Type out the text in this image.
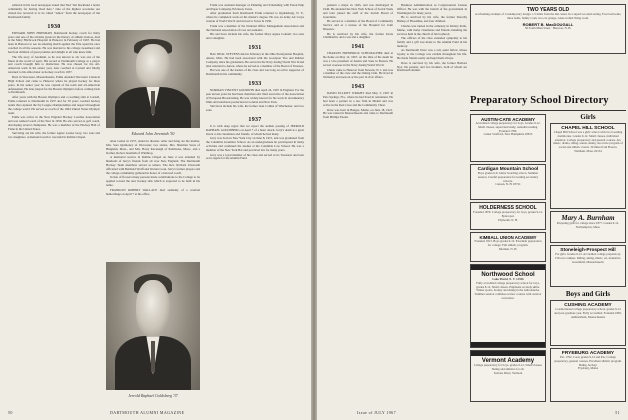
editorial in his local newspaper stated that Ned "left Rockland a better community for having lived here." One of the highest accolades our citizen has received is to be called "Amos" from the newspaper of the Dartmouth family.

1930

EDWARD JOHN JEREMIAH, Dartmouth hockey coach for thirty years and one of the all-time greats in the history of athletic honors, died at the Mary Hitchcock Hospital in Hanover in February of 1967. He had been in Hanover to see an amazing match against the Yale squad he once coached in all the seasons. He was married to his college sweetheart and had four children of great promise and delight to all who knew him.

The life story of Jeremiah, as he was known to all, was one of the finest in the world of sport. His record at Dartmouth College as a player and coach brought him to distinction. He was chosen for the All-American team in his senior year, later coached at Cornell and finally returned to his alma mater as hockey coach in 1937.

Born in Worcester, Massachusetts, Eddie attended Worcester Classical High School and came to Hanover where he played hockey for three years. In his senior year he was captain of the team and all-American defenseman. He later played for the Boston Olympics before coming back to Dartmouth.

After years with the Boston Olympics and a coaching stint at Cornell, Eddie returned to Dartmouth in 1937 and for 30 years coached hockey teams that captured the Ivy League championships and respect throughout the college world. He served as coach of the 1964 United States Olympic team.

Eddie was active in the New England Hockey Coaches Association and was named Coach of the Year in 1959. He also served as golf coach, developing several champions. He was a member of the Hockey Hall of Fame in the United States.

Surviving are his wife, the former Agnes Louise Gray, two sons and two daughters. A memorial service was held in Rollins Chapel.

Edward John Jeremiah '30

ation Center in 1957, ended in disaster. After surviving are his mother, Mrs. Sara Quintoney of Worcester; two sisters, Mrs. Sherman Sears of Hingham, Mass., and Mrs. Harry Kavanagh of Pembroke, Mass.; and a brother, Robert Jeremiah of Winthrop.

A memorial service in Rollins Chapel on June 4 was attended by hundreds of Jerry's friends from all over New England. The Dartmouth Hockey Team members served as ushers. The Rev. Richard Unsworth officiated with Berthold Wolff and Warren Cook. Jerry's former players and the college community gathered in honor of a beloved coach.

In lieu of flowers many persons made contributions to the College to be applied toward the new hockey rink which is expected to be built in his name.

FRANKLIN ROBERT WALLACE died suddenly of a cerebral hemorrhage on April 7 at his office.

Jerrold Raphael Goldsberg '37

Frank was assistant manager of Planning and Scheduling with Eaton Pulp and Paper Company, Erickson, Texas.

After graduation from Dartmouth Frank returned to Ogdensburg, N. Y., where he completed work on his master's degree. He was an Army Air Corps veteran of World War II and moved to Texas in 1956.

Frank was a member of the National Office Management Association and the National Association of Cost Accountants.

His survivors include his wife, the former Mary Agnes Connell, two sons and a daughter.

1931

HAL NEAL STEVENS died in February in the Ohio Presbyterian Hospital, Akron, Ohio. He had been associated with the Goodyear Tire and Rubber Company since his graduation. He served in the Navy during World War II and later returned to Akron, where he served as a member of the Board of Trustees.

Hal was one of the leaders of his class and was long an active supporter of Dartmouth in his community.

1933

NORMAN VINCENT GOODWIN died April 24, 1967 in England. For the past eleven years he had been chairman and chief executive of the Association of European Broadcasting. He was widely known for his work in documentary films and television production in London and New York.

Survivors include his wife, the former Jean Collins of Winchester, and two sons.

1937

It is with deep regret that we report the sudden passing of JERROLD RAPHAEL GOLDSBERG on April 7 of a heart attack. Jerry's death is a great shock to his classmates and friends, of whom he had many.

Jerry was born in New York City on June 8, 1915, and was graduated from the Columbia Grammar School. As an undergraduate he participated in many activities and continued his studies at the Columbia Law School. He was a member of the New York Bar and practiced law for many years.

Jerry was a loyal member of his class and served as its Treasurer and later as its Agent for the Alumni Fund.

50	DARTMOUTH ALUMNI MAGAZINE

pansion a major in 1945, and was discharged in 1946. He attended the New York School of Social Work and later joined the staff of the Jewish Board of Guardians.

He served as a member of the Board of Community Service and as a trustee of the Hospital for Joint Diseases.

He is survived by his wife, the former Doris Chamberlin, and a son and a daughter.

1941

CHARLES FREDERICK SCHUMACHER died at his home on May 12, 1967. At the time of his death he was a vice president of Austin and Sons in Boston. He served overseas in the Navy during World War II.

Chuck came to Hanover from Newark, N. J. and was a member of the crew and the Outing Club. He lived in Wellesley and took an active part in civic affairs.

1943

DAVID ELLIOTT WRIGHT died May 3, 1967 in Palo Springs, Fla., where he had lived in retirement. He had been a partner in a law firm in Miami and was active in the Red Cross and the Community Chest.

Dave was born in Bangor, Maine, on June 18, 1921. He was raised in Massachusetts and came to Dartmouth from Phillips Exeter.

Business Administration as Congressional Liaison Officer. He was with the branch of the government in Washington for many years.

He is survived by his wife, the former Dorothy Bishop of Brookline, and four children.

Charles was buried in the cemetery in Kittery Point, Maine, with many classmates and friends attending the services held in the church of his boyhood.

The officers of the class extended sympathy to his family and a gift was made to the Alumni Fund in his memory.

As Dartmouth Dave was a tall, quiet fellow whose loyalty to the College was evident throughout his life. He made friends easily and kept them always.

Dave is survived by his wife, the former Barbara Nye; his parents; and two brothers, both of whom are Dartmouth alumni.

TWO YEARS OLD
A refreshing example of Contemporary design. 1.5 miles from the Inn center. In a superb wooded setting. Four bedrooms, three baths, family room, two-car garage, Glass-walled living room.
ROBERT B. MacDOUGALL
36 South Main Street · Hanover, N. H.
Preparatory School Directory
AUSTIN-CATE ACADEMY
Accredited college preparatory for boys. Grades 9-12. Small classes, supervised study, remedial reading. Founded 1780.
Center Strafford, New Hampshire 03815
Cardigan Mountain School
Boys grades 6-9. Junior boarding school. Summer session. Careful preparation for leading secondary schools.
Canaan, N. H. 03741
HOLDERNESS SCHOOL
Founded 1879. College preparatory for boys, grades 9-12. Episcopal.
Plymouth, N. H.
KIMBALL UNION ACADEMY
Founded 1813. Boys grades 9-12. Excellent preparation for college. Full athletic program.
Meriden, N. H.
Northwood School
Lake Placid, N. Y. 12946
Fully accredited college preparatory school for boys, grades 8-12. Small classes. Emphasis on study skills. Winter sports, hockey and skiing in the Adirondacks. Summer session combines review courses with outdoor recreation.
Vermont Academy
College preparatory for boys, grades 9-12. Small classes. Skiing and athletics for all.
Saxtons River, Vermont
Girls
CHAPEL HILL SCHOOL
Chapel Hill School was a girls' school with two boarding dormitories. Grades 9-12. Small classes, individual attention. College preparatory and general courses. Art, music, drama, riding, tennis, skiing. An active program of social and athletic events. 30 miles from Boston.
Waltham, Mass. 02154
Mary A. Burnham
Preparing girls for college since 1877. Grades 9-12.
Northampton, Mass.
Stoneleigh-Prospect Hill
For girls. Grades 9-12. Accredited college preparatory. 150-acre campus. Riding, skiing, music, art, dramatics.
Greenfield, Massachusetts
Boys and Girls
CUSHING ACADEMY
Coeducational college preparatory school, grades 9-12 and post-graduate year. Fully accredited. Founded 1865.
Ashburnham, Massachusetts
FRYEBURG ACADEMY
Est. 1792. Coed, grades 9-12 and P.G. College preparatory, general courses. Excellent athletic program. Skiing, hockey.
Fryeburg, Maine
Issue of JULY 1967	51
